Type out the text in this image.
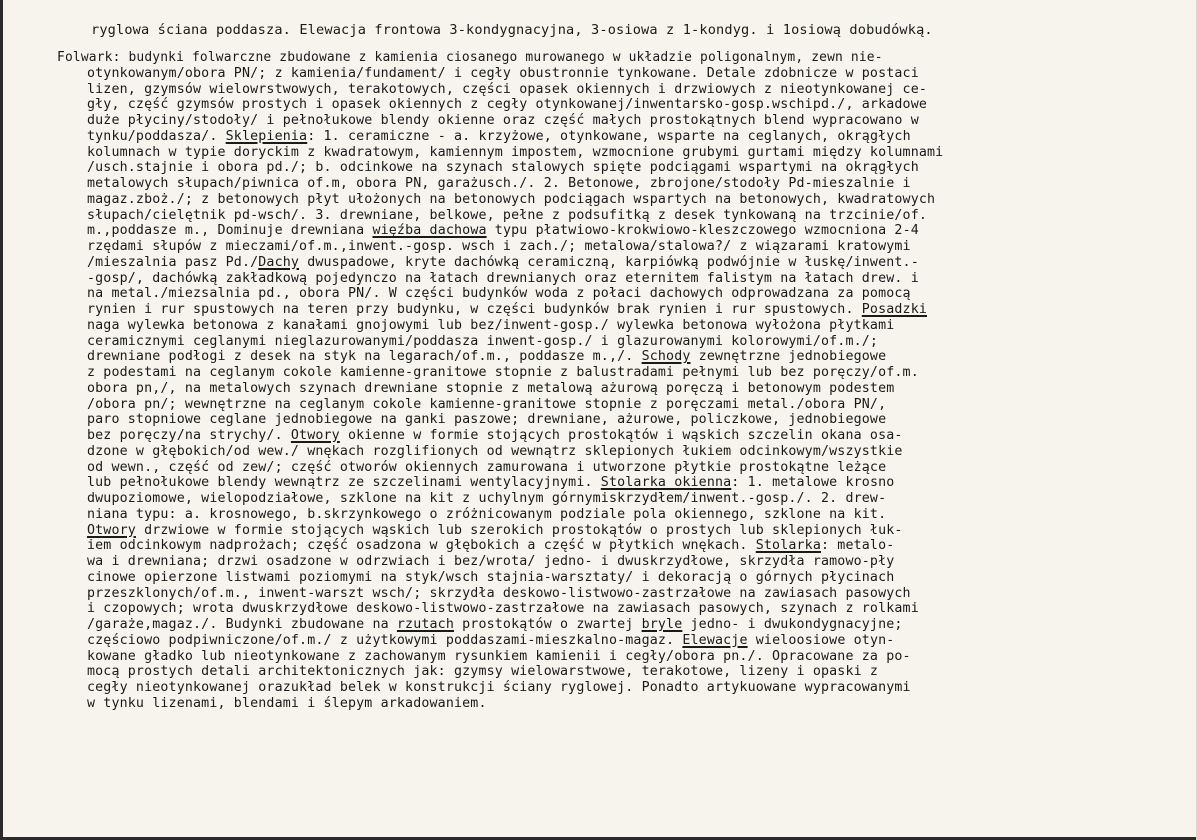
ryglowa ściana poddasza. Elewacja frontowa 3-kondygnacyjna, 3-osiowa z 1-kondyg. i 1osiową dobudówką.
Folwark: budynki folwarczne zbudowane z kamienia ciosanego murowanego w układzie poligonalnym, zewn nie-
otynkowanym/obora PN/; z kamienia/fundament/ i cegły obustronnie tynkowane. Detale zdobnicze w postaci
lizen, gzymsów wielowrstwowych, terakotowych, części opasek okiennych i drzwiowych z nieotynkowanej ce-
gły, część gzymsów prostych i opasek okiennych z cegły otynkowanej/inwentarsko-gosp.wschipd./, arkadowe
duże płyciny/stodoły/ i pełnołukowe blendy okienne oraz część małych prostokątnych blend wypracowano w
tynku/poddasza/. Sklepienia: 1. ceramiczne - a. krzyżowe, otynkowane, wsparte na ceglanych, okrągłych
kolumnach w typie doryckim z kwadratowym, kamiennym impostem, wzmocnione grubymi gurtami między kolumnami
/usch.stajnie i obora pd./; b. odcinkowe na szynach stalowych spięte podciągami wspartymi na okrągłych
metalowych słupach/piwnica of.m, obora PN, garażusch./. 2. Betonowe, zbrojone/stodoły Pd-mieszalnie i
magaz.zboż./; z betonowych płyt ułożonych na betonowych podciągach wspartych na betonowych, kwadratowych
słupach/cielętnik pd-wsch/. 3. drewniane, belkowe, pełne z podsufitką z desek tynkowaną na trzcinie/of.
m.,poddasze m., Dominuje drewniana więźba dachowa typu płatwiowo-krokwiowo-kleszczowego wzmocniona 2-4
rzędami słupów z mieczami/of.m.,inwent.-gosp. wsch i zach./; metalowa/stalowa?/ z wiązarami kratowymi
/mieszalnia pasz Pd./Dachy dwuspadowe, kryte dachówką ceramiczną, karpiówką podwójnie w łuskę/inwent.-
-gosp/, dachówką zakładkową pojedynczo na łatach drewnianych oraz eternitem falistym na łatach drew. i
na metal./miezsalnia pd., obora PN/. W części budynków woda z połaci dachowych odprowadzana za pomocą
rynien i rur spustowych na teren przy budynku, w części budynków brak rynien i rur spustowych. Posadzki
naga wylewka betonowa z kanałami gnojowymi lub bez/inwent-gosp./ wylewka betonowa wyłożona płytkami
ceramicznymi ceglanymi nieglazurowanymi/poddasza inwent-gosp./ i glazurowanymi kolorowymi/of.m./;
drewniane podłogi z desek na styk na legarach/of.m., poddasze m.,/. Schody zewnętrzne jednobiegowe
z podestami na ceglanym cokole kamienne-granitowe stopnie z balustradami pełnymi lub bez poręczy/of.m.
obora pn,/, na metalowych szynach drewniane stopnie z metalową ażurową poręczą i betonowym podestem
/obora pn/; wewnętrzne na ceglanym cokole kamienne-granitowe stopnie z poręczami metal./obora PN/,
paro stopniowe ceglane jednobiegowe na ganki paszowe; drewniane, ażurowe, policzkowe, jednobiegowe
bez poręczy/na strychy/. Otwory okienne w formie stojących prostokątów i wąskich szczelin okana osa-
dzone w głębokich/od wew./ wnękach rozglifionych od wewnątrz sklepionych łukiem odcinkowym/wszystkie
od wewn., część od zew/; część otworów okiennych zamurowana i utworzone płytkie prostokątne leżące
lub pełnołukowe blendy wewnątrz ze szczelinami wentylacyjnymi. Stolarka okienna: 1. metalowe krosno
dwupoziomowe, wielopodziałowe, szklone na kit z uchylnym górnymiskrzydłem/inwent.-gosp./. 2. drew-
niana typu: a. krosnowego, b.skrzynkowego o zróżnicowanym podziale pola okiennego, szklone na kit.
Otwory drzwiowe w formie stojących wąskich lub szerokich prostokątów o prostych lub sklepionych łuk-
iem odcinkowym nadprożach; część osadzona w głębokich a część w płytkich wnękach. Stolarka: metalo-
wa i drewniana; drzwi osadzone w odrzwiach i bez/wrota/ jedno- i dwuskrzydłowe, skrzydła ramowo-pły
cinowe opierzone listwami poziomymi na styk/wsch stajnia-warsztaty/ i dekoracją o górnych płycinach
przeszklonych/of.m., inwent-warszt wsch/; skrzydła deskowo-listwowo-zastrzałowe na zawiasach pasowych
i czopowych; wrota dwuskrzydłowe deskowo-listwowo-zastrzałowe na zawiasach pasowych, szynach z rolkami
/garaże,magaz./. Budynki zbudowane na rzutach prostokątów o zwartej bryle jedno- i dwukondygnacyjne;
częściowo podpiwniczone/of.m./ z użytkowymi poddaszami-mieszkalno-magaz. Elewacje wieloosiowe otyn-
kowane gładko lub nieotynkowane z zachowanym rysunkiem kamienii i cegły/obora pn./. Opracowane za po-
mocą prostych detali architektonicznych jak: gzymsy wielowarstwowe, terakotowe, lizeny i opaski z
cegły nieotynkowanej orazukład belek w konstrukcji ściany ryglowej. Ponadto artykuowane wypracowanymi
w tynku lizenami, blendami i ślepym arkadowaniem.
